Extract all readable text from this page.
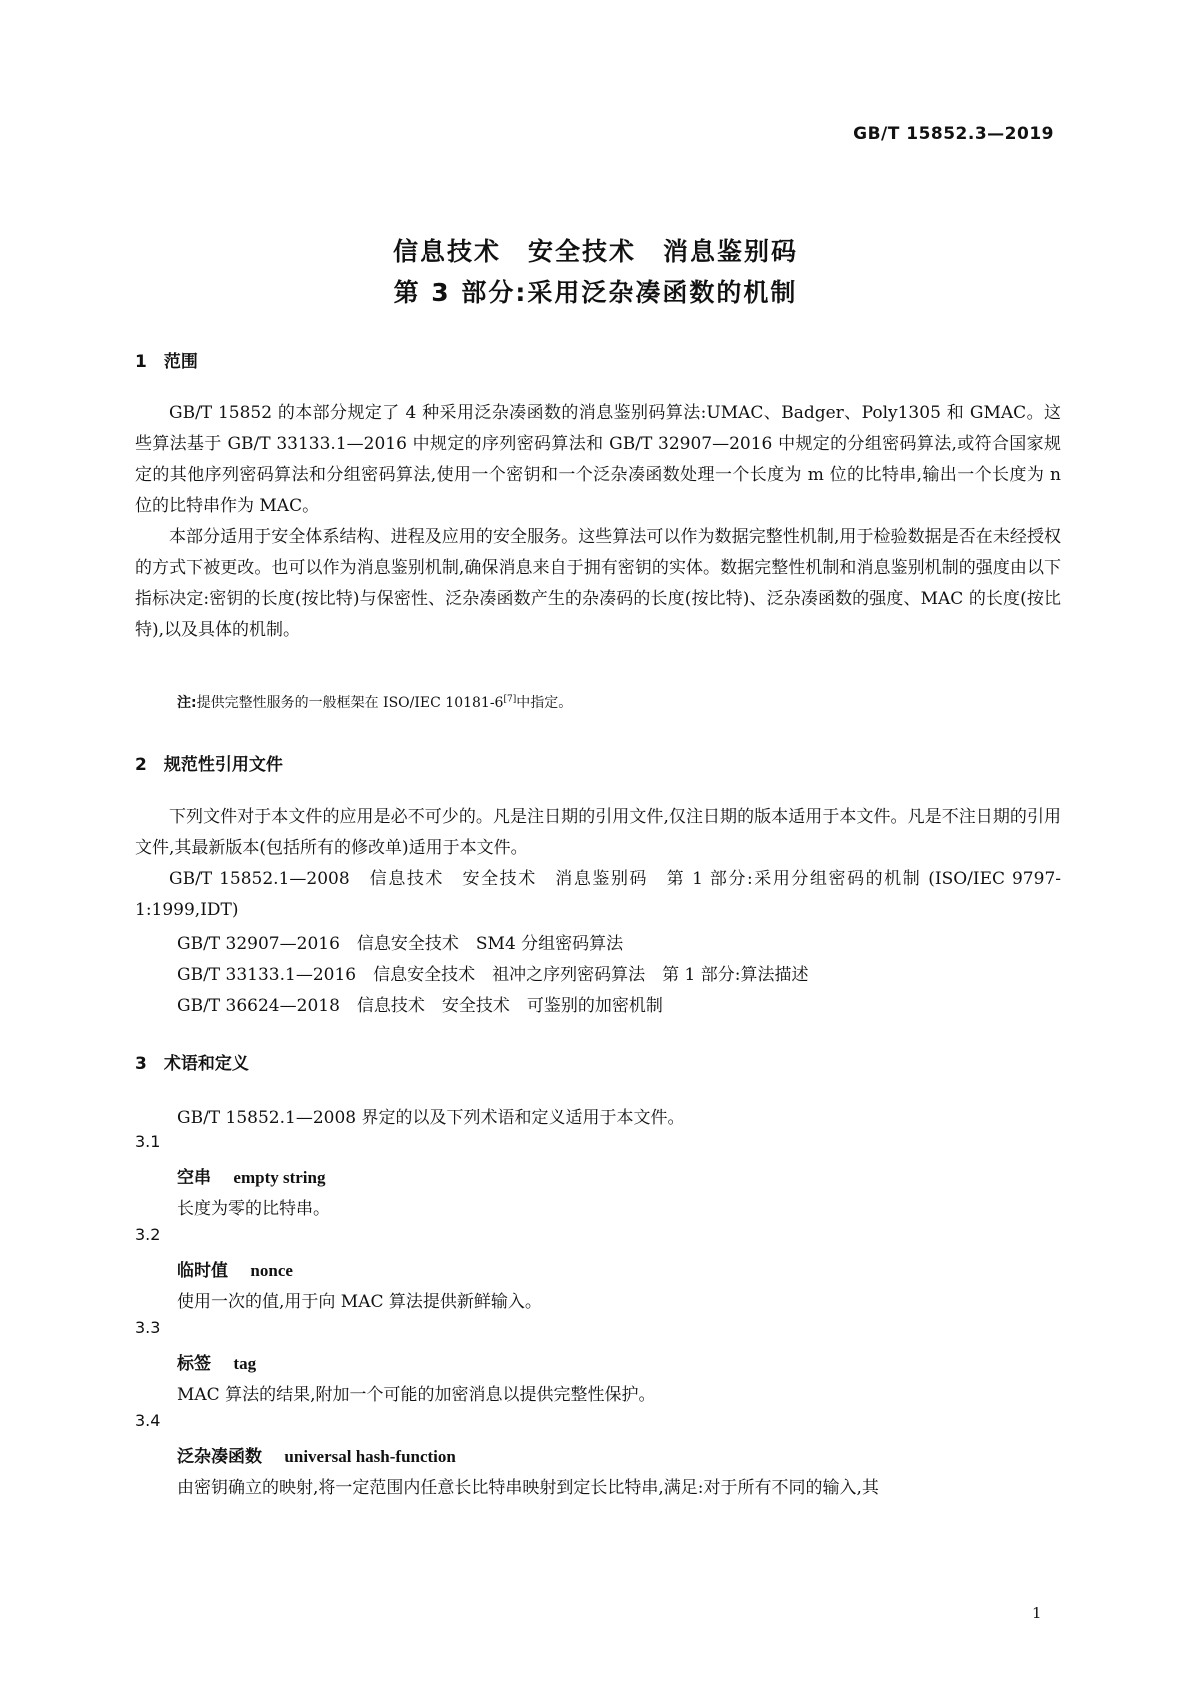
GB/T 15852.3—2019
信息技术　安全技术　消息鉴别码
第 3 部分:采用泛杂凑函数的机制
1　范围

GB/T 15852 的本部分规定了 4 种采用泛杂凑函数的消息鉴别码算法:UMAC、Badger、Poly1305 和 GMAC。这些算法基于 GB/T 33133.1—2016 中规定的序列密码算法和 GB/T 32907—2016 中规定的分组密码算法,或符合国家规定的其他序列密码算法和分组密码算法,使用一个密钥和一个泛杂凑函数处理一个长度为 m 位的比特串,输出一个长度为 n 位的比特串作为 MAC。

本部分适用于安全体系结构、进程及应用的安全服务。这些算法可以作为数据完整性机制,用于检验数据是否在未经授权的方式下被更改。也可以作为消息鉴别机制,确保消息来自于拥有密钥的实体。数据完整性机制和消息鉴别机制的强度由以下指标决定:密钥的长度(按比特)与保密性、泛杂凑函数产生的杂凑码的长度(按比特)、泛杂凑函数的强度、MAC 的长度(按比特),以及具体的机制。

注:提供完整性服务的一般框架在 ISO/IEC 10181-6[7]中指定。
2　规范性引用文件

下列文件对于本文件的应用是必不可少的。凡是注日期的引用文件,仅注日期的版本适用于本文件。凡是不注日期的引用文件,其最新版本(包括所有的修改单)适用于本文件。

GB/T 15852.1—2008　信息技术　安全技术　消息鉴别码　第 1 部分:采用分组密码的机制 (ISO/IEC 9797-1:1999,IDT)

GB/T 32907—2016　信息安全技术　SM4 分组密码算法
GB/T 33133.1—2016　信息安全技术　祖冲之序列密码算法　第 1 部分:算法描述
GB/T 36624—2018　信息技术　安全技术　可鉴别的加密机制
3　术语和定义
GB/T 15852.1—2008 界定的以及下列术语和定义适用于本文件。
3.1
空串　 empty string
长度为零的比特串。
3.2
临时值　 nonce
使用一次的值,用于向 MAC 算法提供新鲜输入。
3.3
标签　 tag
MAC 算法的结果,附加一个可能的加密消息以提供完整性保护。
3.4
泛杂凑函数　 universal hash-function
由密钥确立的映射,将一定范围内任意长比特串映射到定长比特串,满足:对于所有不同的输入,其
1
